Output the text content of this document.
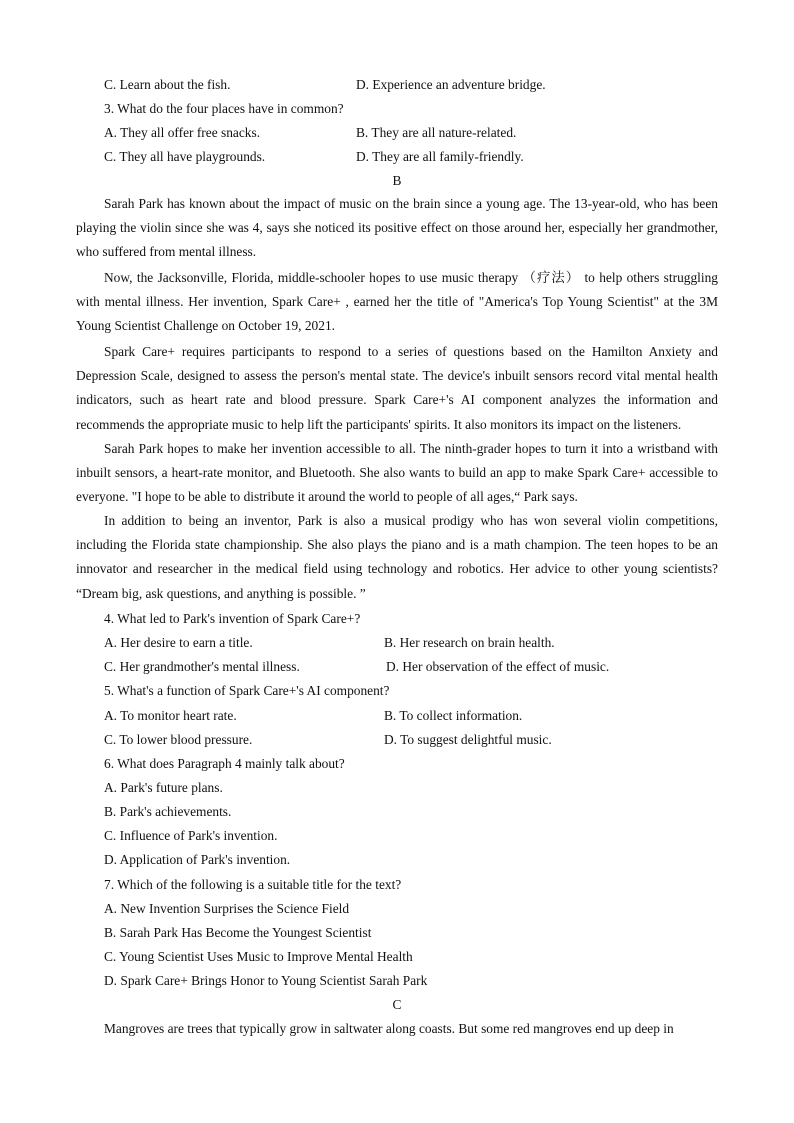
C. Learn about the fish.	D. Experience an adventure bridge.
3. What do the four places have in common?
A. They all offer free snacks.	B. They are all nature-related.
C. They all have playgrounds.	D. They are all family-friendly.
B
Sarah Park has known about the impact of music on the brain since a young age. The 13-year-old, who has been playing the violin since she was 4, says she noticed its positive effect on those around her, especially her grandmother, who suffered from mental illness.
Now, the Jacksonville, Florida, middle-schooler hopes to use music therapy （疗法） to help others struggling with mental illness. Her invention, Spark Care+ , earned her the title of "America's Top Young Scientist" at the 3M Young Scientist Challenge on October 19, 2021.
Spark Care+ requires participants to respond to a series of questions based on the Hamilton Anxiety and Depression Scale, designed to assess the person's mental state. The device's inbuilt sensors record vital mental health indicators, such as heart rate and blood pressure. Spark Care+'s AI component analyzes the information and recommends the appropriate music to help lift the participants' spirits. It also monitors its impact on the listeners.
Sarah Park hopes to make her invention accessible to all. The ninth-grader hopes to turn it into a wristband with inbuilt sensors, a heart-rate monitor, and Bluetooth. She also wants to build an app to make Spark Care+ accessible to everyone. "I hope to be able to distribute it around the world to people of all ages,“ Park says.
In addition to being an inventor, Park is also a musical prodigy who has won several violin competitions, including the Florida state championship. She also plays the piano and is a math champion. The teen hopes to be an innovator and researcher in the medical field using technology and robotics. Her advice to other young scientists? “Dream big, ask questions, and anything is possible. ”
4. What led to Park's invention of Spark Care+?
A. Her desire to earn a title.	B. Her research on brain health.
C. Her grandmother's mental illness.	D. Her observation of the effect of music.
5. What's a function of Spark Care+'s AI component?
A. To monitor heart rate.	B. To collect information.
C. To lower blood pressure.	D. To suggest delightful music.
6. What does Paragraph 4 mainly talk about?
A. Park's future plans.
B. Park's achievements.
C. Influence of Park's invention.
D. Application of Park's invention.
7. Which of the following is a suitable title for the text?
A. New Invention Surprises the Science Field
B. Sarah Park Has Become the Youngest Scientist
C. Young Scientist Uses Music to Improve Mental Health
D. Spark Care+ Brings Honor to Young Scientist Sarah Park
C
Mangroves are trees that typically grow in saltwater along coasts. But some red mangroves end up deep in
